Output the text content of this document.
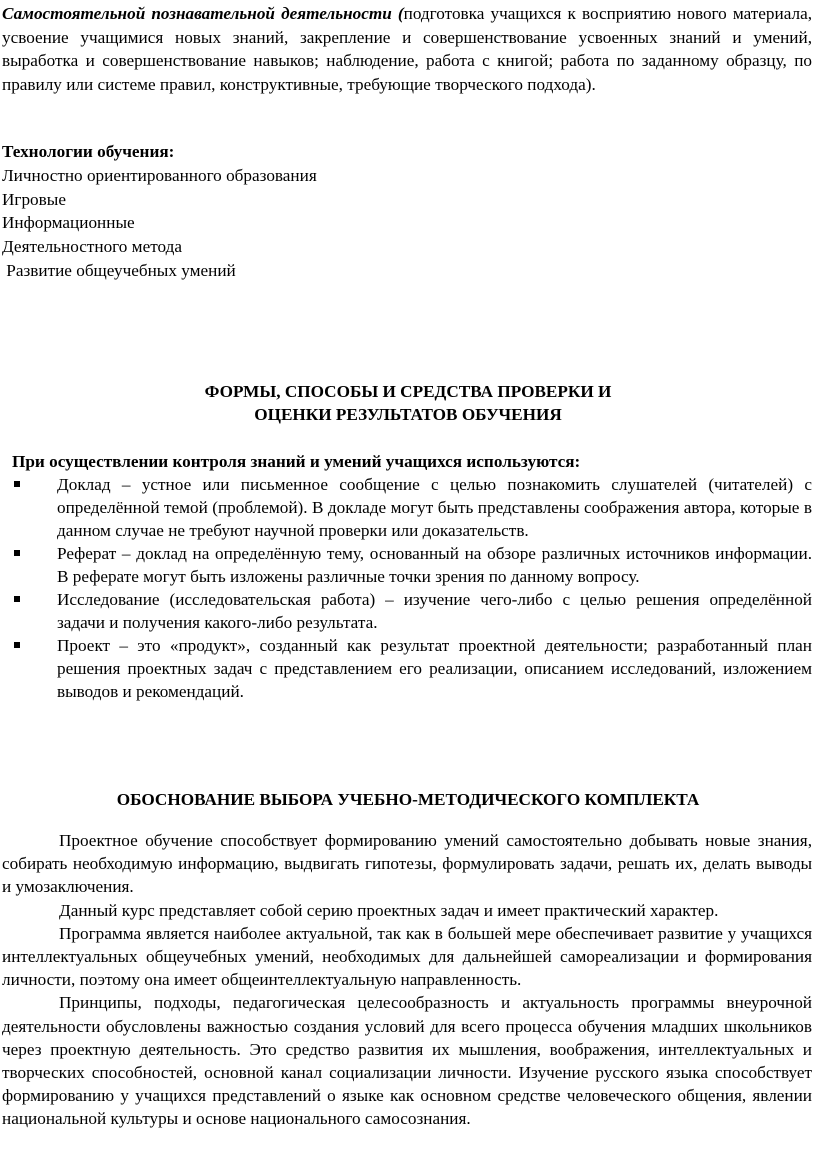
Самостоятельной познавательной деятельности (подготовка учащихся к восприятию нового материала, усвоение учащимися новых знаний, закрепление и совершенствование усвоенных знаний и умений, выработка и совершенствование навыков; наблюдение, работа с книгой; работа по заданному образцу, по правилу или системе правил, конструктивные, требующие творческого подхода).

Технологии обучения:

Личностно ориентированного образования

Игровые

Информационные

Деятельностного метода

Развитие общеучебных умений

ФОРМЫ, СПОСОБЫ И СРЕДСТВА ПРОВЕРКИ И

ОЦЕНКИ РЕЗУЛЬТАТОВ ОБУЧЕНИЯ

При осуществлении контроля знаний и умений учащихся используются:

Доклад – устное или письменное сообщение с целью познакомить слушателей (читателей) с определённой темой (проблемой). В докладе могут быть представлены соображения автора, которые в данном случае не требуют научной проверки или доказательств.
Реферат – доклад на определённую тему, основанный на обзоре различных источников информации. В реферате могут быть изложены различные точки зрения по данному вопросу.
Исследование (исследовательская работа) – изучение чего-либо с целью решения определённой задачи и получения какого-либо результата.
Проект – это «продукт», созданный как результат проектной деятельности; разработанный план решения проектных задач с представлением его реализации, описанием исследований, изложением выводов и рекомендаций.

ОБОСНОВАНИЕ ВЫБОРА УЧЕБНО-МЕТОДИЧЕСКОГО КОМПЛЕКТА

Проектное обучение способствует формированию умений самостоятельно добывать новые знания, собирать необходимую информацию, выдвигать гипотезы, формулировать задачи, решать их, делать выводы и умозаключения.

Данный курс представляет собой серию проектных задач и имеет практический характер.

Программа является наиболее актуальной, так как в большей мере обеспечивает развитие у учащихся интеллектуальных общеучебных умений, необходимых для дальнейшей самореализации и формирования личности, поэтому она имеет общеинтеллектуальную направленность.

Принципы, подходы, педагогическая целесообразность и актуальность программы внеурочной деятельности обусловлены важностью создания условий для всего процесса обучения младших школьников через проектную деятельность. Это средство развития их мышления, воображения, интеллектуальных и творческих способностей, основной канал социализации личности. Изучение русского языка способствует формированию у учащихся представлений о языке как основном средстве человеческого общения, явлении национальной культуры и основе национального самосознания.
